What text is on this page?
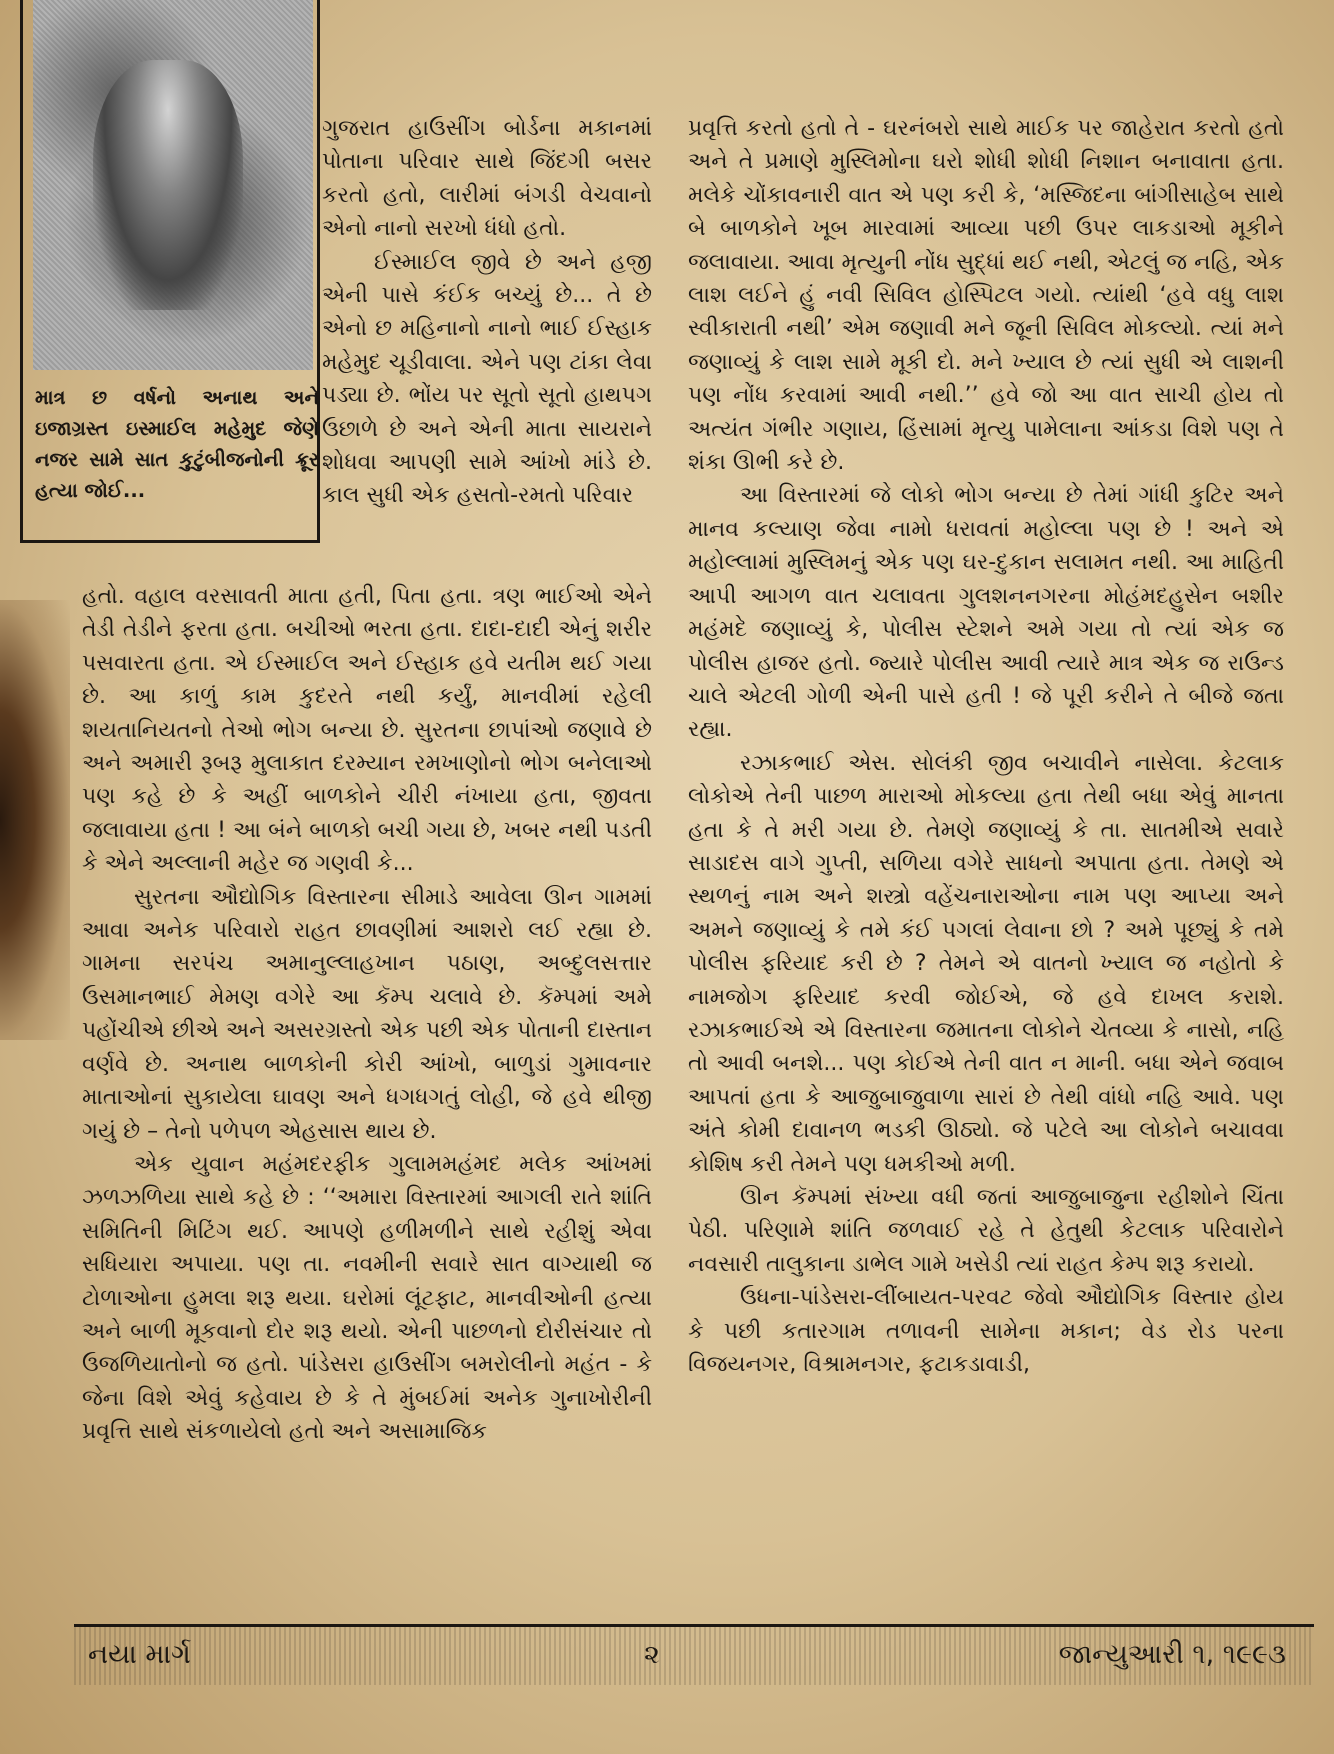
માત્ર છ વર્ષનો અનાથ અને ઇજાગ્રસ્ત ઇસ્માઈલ મહેમુદ જેણે નજર સામે સાત કુટુંબીજનોની ક્રૂર હત્યા જોઈ...

ગુજરાત હાઉસીંગ બોર્ડના મકાનમાં પોતાના પરિવાર સાથે જિંદગી બસર કરતો હતો, લારીમાં બંગડી વેચવાનો એનો નાનો સરખો ધંધો હતો.

ઈસ્માઈલ જીવે છે અને હજી એની પાસે કંઈક બચ્યું છે... તે છે એનો છ મહિનાનો નાનો ભાઈ ઈસ્હાક મહેમુદ ચૂડીવાલા. એને પણ ટાંકા લેવા પડ્યા છે. ભોંય પર સૂતો સૂતો હાથપગ ઉછાળે છે અને એની માતા સાયરાને શોધવા આપણી સામે આંખો માંડે છે. કાલ સુધી એક હસતો-રમતો પરિવાર

હતો. વહાલ વરસાવતી માતા હતી, પિતા હતા. ત્રણ ભાઈઓ એને તેડી તેડીને ફરતા હતા. બચીઓ ભરતા હતા. દાદા-દાદી એનું શરીર પસવારતા હતા. એ ઈસ્માઈલ અને ઈસ્હાક હવે યતીમ થઈ ગયા છે. આ કાળું કામ કુદરતે નથી કર્યું, માનવીમાં રહેલી શયતાનિયતનો તેઓ ભોગ બન્યા છે. સુરતના છાપાંઓ જણાવે છે અને અમારી રૂબરૂ મુલાકાત દરમ્યાન રમખાણોનો ભોગ બનેલાઓ પણ કહે છે કે અહીં બાળકોને ચીરી નંખાયા હતા, જીવતા જલાવાયા હતા ! આ બંને બાળકો બચી ગયા છે, ખબર નથી પડતી કે એને અલ્લાની મહેર જ ગણવી કે...

સુરતના ઔદ્યોગિક વિસ્તારના સીમાડે આવેલા ઊન ગામમાં આવા અનેક પરિવારો રાહત છાવણીમાં આશરો લઈ રહ્યા છે. ગામના સરપંચ અમાનુલ્લાહખાન પઠાણ, અબ્દુલસત્તાર ઉસમાનભાઈ મેમણ વગેરે આ કૅમ્પ ચલાવે છે. કૅમ્પમાં અમે પહોંચીએ છીએ અને અસરગ્રસ્તો એક પછી એક પોતાની દાસ્તાન વર્ણવે છે. અનાથ બાળકોની કોરી આંખો, બાળુડાં ગુમાવનાર માતાઓનાં સુકાયેલા ઘાવણ અને ધગધગતું લોહી, જે હવે થીજી ગયું છે – તેનો પળેપળ એહસાસ થાય છે.

એક યુવાન મહંમદરફીક ગુલામમહંમદ મલેક આંખમાં ઝળઝળિયા સાથે કહે છે : ‘‘અમારા વિસ્તારમાં આગલી રાતે શાંતિ સમિતિની મિટિંગ થઈ. આપણે હળીમળીને સાથે રહીશું એવા સધિયારા અપાયા. પણ તા. નવમીની સવારે સાત વાગ્યાથી જ ટોળાઓના હુમલા શરૂ થયા. ઘરોમાં લૂંટફાટ, માનવીઓની હત્યા અને બાળી મૂકવાનો દોર શરૂ થયો. એની પાછળનો દોરીસંચાર તો ઉજળિયાતોનો જ હતો. પાંડેસરા હાઉસીંગ બમરોલીનો મહંત - કે જેના વિશે એવું કહેવાય છે કે તે મુંબઈમાં અનેક ગુનાખોરીની પ્રવૃત્તિ સાથે સંકળાયેલો હતો અને અસામાજિક

પ્રવૃત્તિ કરતો હતો તે - ઘરનંબરો સાથે માઈક પર જાહેરાત કરતો હતો અને તે પ્રમાણે મુસ્લિમોના ઘરો શોધી શોધી નિશાન બનાવાતા હતા. મલેકે ચોંકાવનારી વાત એ પણ કરી કે, ‘મસ્જિદના બાંગીસાહેબ સાથે બે બાળકોને ખૂબ મારવામાં આવ્યા પછી ઉપર લાકડાઓ મૂકીને જલાવાયા. આવા મૃત્યુની નોંધ સુદ્ધાં થઈ નથી, એટલું જ નહિ, એક લાશ લઈને હું નવી સિવિલ હોસ્પિટલ ગયો. ત્યાંથી ‘હવે વધુ લાશ સ્વીકારાતી નથી’ એમ જણાવી મને જૂની સિવિલ મોકલ્યો. ત્યાં મને જણાવ્યું કે લાશ સામે મૂકી દો. મને ખ્યાલ છે ત્યાં સુધી એ લાશની પણ નોંધ કરવામાં આવી નથી.’’ હવે જો આ વાત સાચી હોય તો અત્યંત ગંભીર ગણાય, હિંસામાં મૃત્યુ પામેલાના આંકડા વિશે પણ તે શંકા ઊભી કરે છે.

આ વિસ્તારમાં જે લોકો ભોગ બન્યા છે તેમાં ગાંધી કુટિર અને માનવ કલ્યાણ જેવા નામો ધરાવતાં મહોલ્લા પણ છે ! અને એ મહોલ્લામાં મુસ્લિમનું એક પણ ઘર-દુકાન સલામત નથી. આ માહિતી આપી આગળ વાત ચલાવતા ગુલશનનગરના મોહંમદહુસેન બશીર મહંમદે જણાવ્યું કે, પોલીસ સ્ટેશને અમે ગયા તો ત્યાં એક જ પોલીસ હાજર હતો. જ્યારે પોલીસ આવી ત્યારે માત્ર એક જ રાઉન્ડ ચાલે એટલી ગોળી એની પાસે હતી ! જે પૂરી કરીને તે બીજે જતા રહ્યા.

રઝાકભાઈ એસ. સોલંકી જીવ બચાવીને નાસેલા. કેટલાક લોકોએ તેની પાછળ મારાઓ મોકલ્યા હતા તેથી બધા એવું માનતા હતા કે તે મરી ગયા છે. તેમણે જણાવ્યું કે તા. સાતમીએ સવારે સાડાદસ વાગે ગુપ્તી, સળિયા વગેરે સાધનો અપાતા હતા. તેમણે એ સ્થળનું નામ અને શસ્ત્રો વહેંચનારાઓના નામ પણ આપ્યા અને અમને જણાવ્યું કે તમે કંઈ પગલાં લેવાના છો ? અમે પૂછ્યું કે તમે પોલીસ ફરિયાદ કરી છે ? તેમને એ વાતનો ખ્યાલ જ નહોતો કે નામજોગ ફરિયાદ કરવી જોઈએ, જે હવે દાખલ કરાશે. રઝાકભાઈએ એ વિસ્તારના જમાતના લોકોને ચેતવ્યા કે નાસો, નહિ તો આવી બનશે... પણ કોઈએ તેની વાત ન માની. બધા એને જવાબ આપતાં હતા કે આજુબાજુવાળા સારાં છે તેથી વાંધો નહિ આવે. પણ અંતે કોમી દાવાનળ ભડકી ઊઠ્યો. જે પટેલે આ લોકોને બચાવવા કોશિષ કરી તેમને પણ ધમકીઓ મળી.

ઊન કૅમ્પમાં સંખ્યા વધી જતાં આજુબાજુના રહીશોને ચિંતા પેઠી. પરિણામે શાંતિ જળવાઈ રહે તે હેતુથી કેટલાક પરિવારોને નવસારી તાલુકાના ડાભેલ ગામે ખસેડી ત્યાં રાહત કેમ્પ શરૂ કરાયો.

ઉધના-પાંડેસરા-લીંબાયત-પરવટ જેવો ઔદ્યોગિક વિસ્તાર હોય કે પછી કતારગામ તળાવની સામેના મકાન; વેડ રોડ પરના વિજયનગર, વિશ્રામનગર, ફટાકડાવાડી,

નયા માર્ગ	૨	જાન્યુઆરી ૧, ૧૯૯૩
